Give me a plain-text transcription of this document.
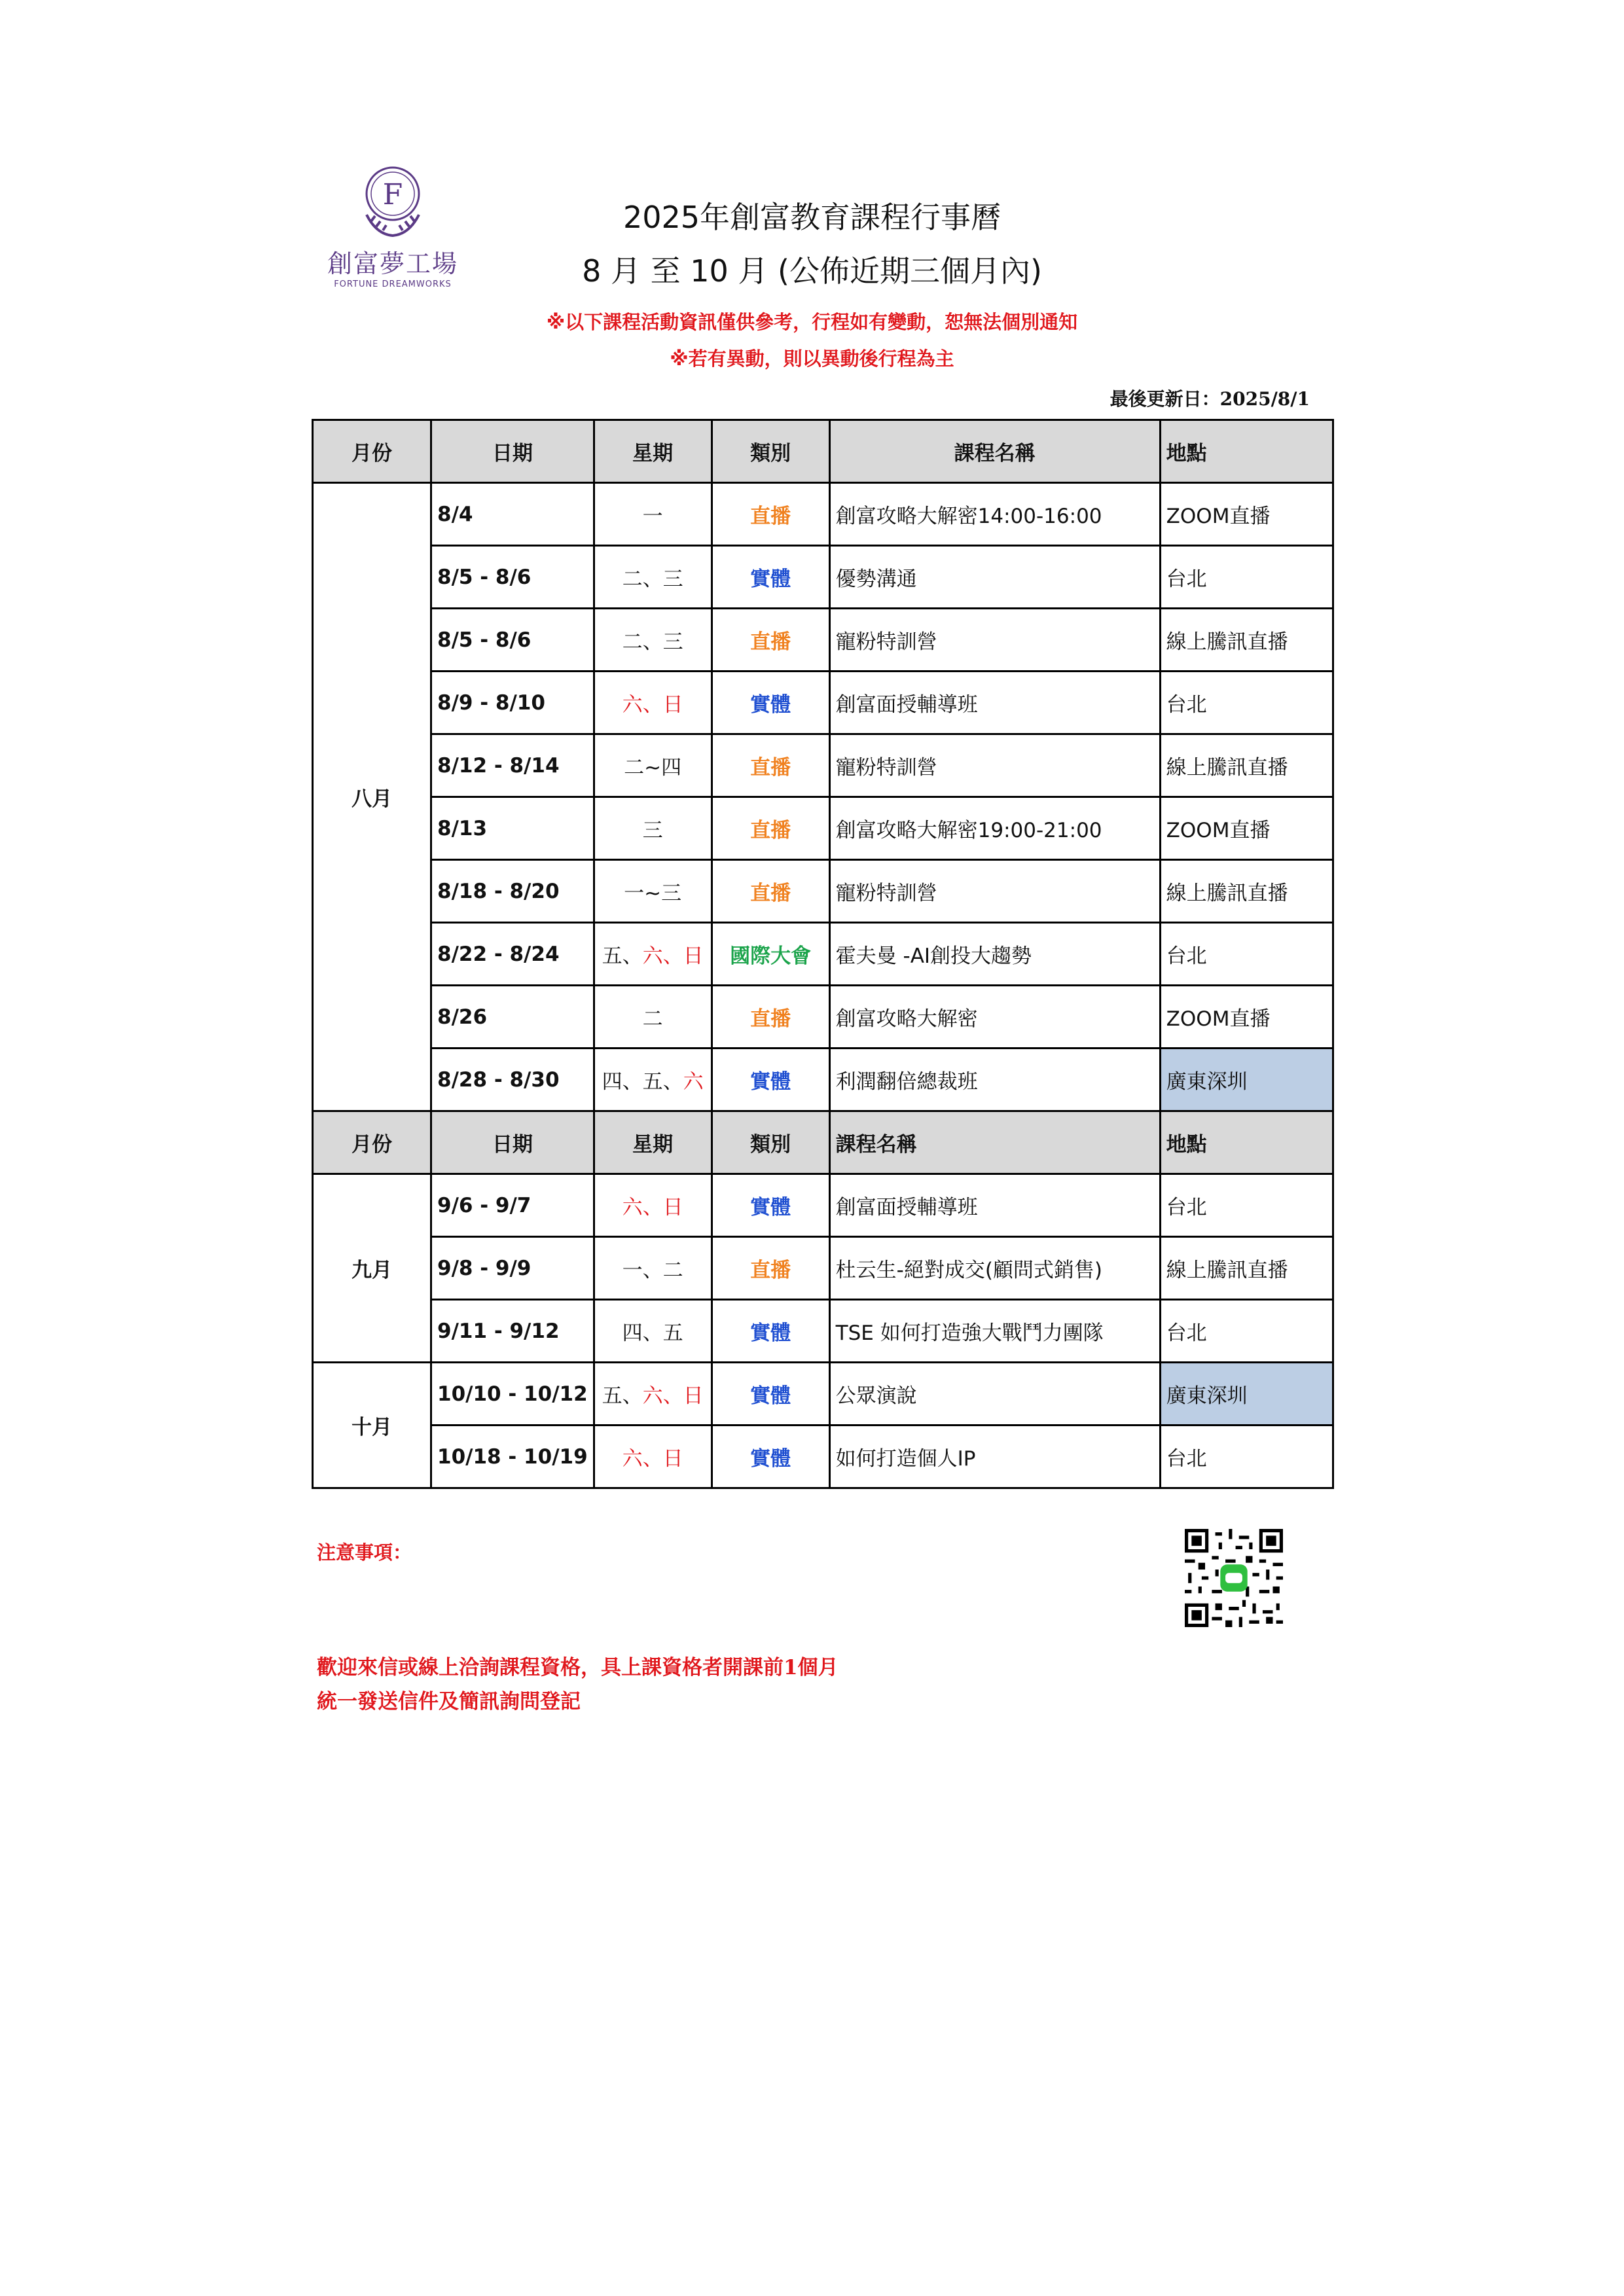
F
創富夢工場
FORTUNE DREAMWORKS
2025年創富教育課程行事曆
8 月 至 10 月 (公佈近期三個月內)
※以下課程活動資訊僅供參考，行程如有變動，恕無法個別通知
※若有異動，則以異動後行程為主
最後更新日：2025/8/1
月份	日期	星期	類別	課程名稱	地點
八月	8/4	一	直播	創富攻略大解密14:00-16:00	ZOOM直播
	8/5 - 8/6	二、三	實體	優勢溝通	台北
	8/5 - 8/6	二、三	直播	寵粉特訓營	線上騰訊直播
	8/9 - 8/10	六、日	實體	創富面授輔導班	台北
	8/12 - 8/14	二~四	直播	寵粉特訓營	線上騰訊直播
	8/13	三	直播	創富攻略大解密19:00-21:00	ZOOM直播
	8/18 - 8/20	一~三	直播	寵粉特訓營	線上騰訊直播
	8/22 - 8/24	五、六、日	國際大會	霍夫曼 -AI創投大趨勢	台北
	8/26	二	直播	創富攻略大解密	ZOOM直播
	8/28 - 8/30	四、五、六	實體	利潤翻倍總裁班	廣東深圳
月份	日期	星期	類別	課程名稱	地點
九月	9/6 - 9/7	六、日	實體	創富面授輔導班	台北
	9/8 - 9/9	一、二	直播	杜云生-絕對成交(顧問式銷售)	線上騰訊直播
	9/11 - 9/12	四、五	實體	TSE 如何打造強大戰鬥力團隊	台北
十月	10/10 - 10/12	五、六、日	實體	公眾演說	廣東深圳
	10/18 - 10/19	六、日	實體	如何打造個人IP	台北
注意事項：
歡迎來信或線上洽詢課程資格，具上課資格者開課前1個月
統一發送信件及簡訊詢問登記
